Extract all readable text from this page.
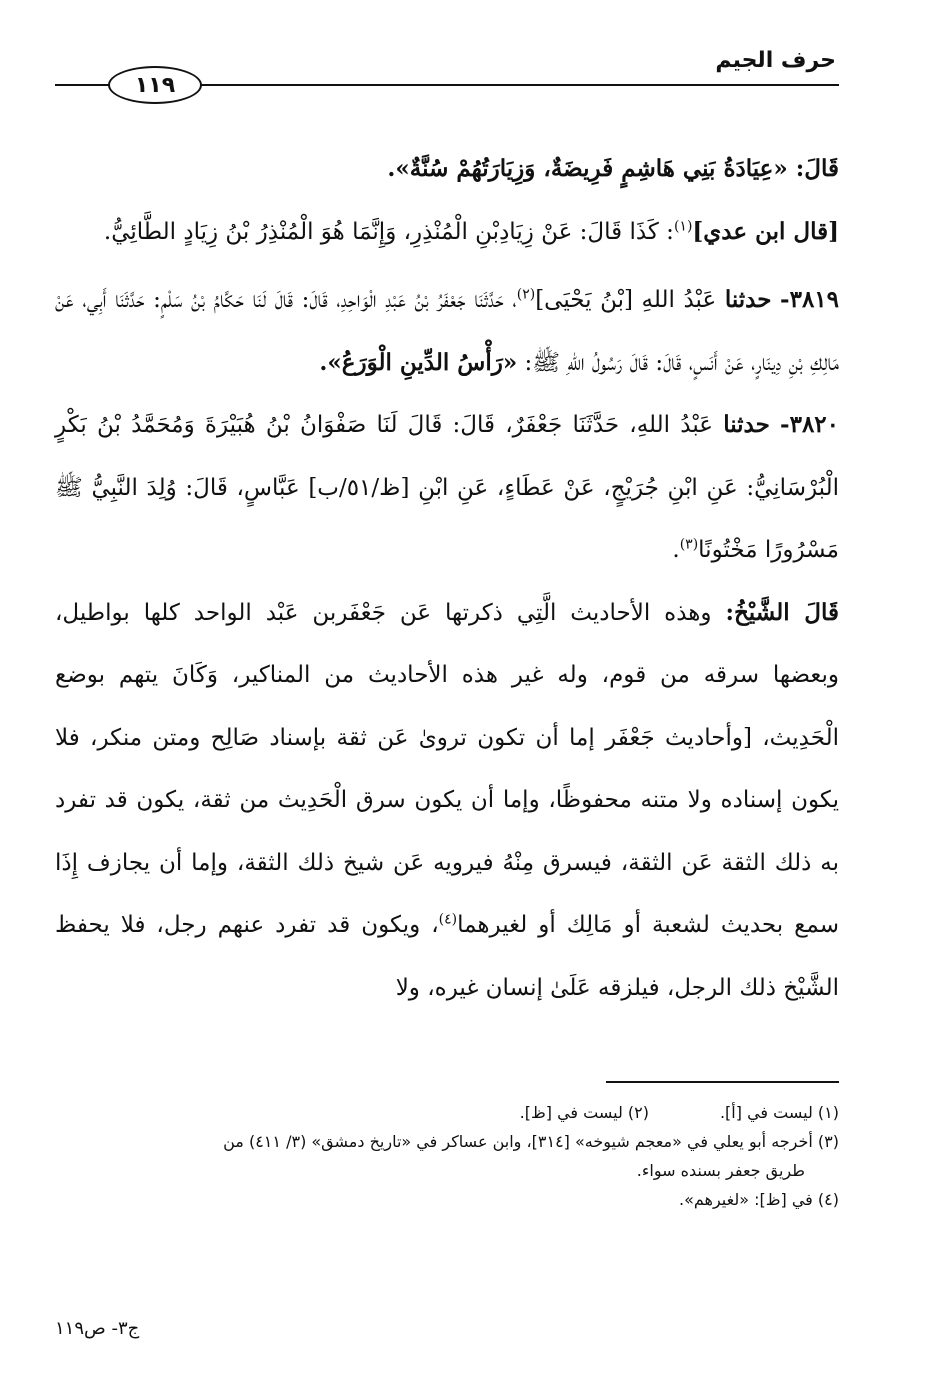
حرف الجيم
١١٩

قَالَ: «عِيَادَةُ بَنِي هَاشِمٍ فَرِيضَةٌ، وَزِيَارَتُهُمْ سُنَّةٌ».

[قال ابن عدي]$^{(١)}$: كَذَا قَالَ: عَنْ زِيَادِبْنِ الْمُنْذِرِ، وَإِنَّمَا هُوَ الْمُنْذِرُ بْنُ زِيَادٍ الطَّائِيُّ.

٣٨١٩- حدثنا عَبْدُ اللهِ [بْنُ يَحْيَى]$^{(٢)}$، حَدَّثَنَا جَعْفَرُ بْنُ عَبْدِ الْوَاحِدِ، قَالَ: قَالَ لَنَا حَكَّامُ بْنُ سَلْمٍ: حَدَّثَنَا أَبِي، عَنْ مَالِكِ بْنِ دِينَارٍ، عَنْ أَنَسٍ، قَالَ: قَالَ رَسُولُ اللهِ ﷺ: «رَأْسُ الدِّينِ الْوَرَعُ».

٣٨٢٠- حدثنا عَبْدُ اللهِ، حَدَّثَنَا جَعْفَرٌ، قَالَ: قَالَ لَنَا صَفْوَانُ بْنُ هُبَيْرَةَ وَمُحَمَّدُ بْنُ بَكْرٍ الْبُرْسَانِيُّ: عَنِ ابْنِ جُرَيْجٍ، عَنْ عَطَاءٍ، عَنِ ابْنِ [ظ/٥١/ب] عَبَّاسٍ، قَالَ: وُلِدَ النَّبِيُّ ﷺ مَسْرُورًا مَخْتُونًا$^{(٣)}$.

قَالَ الشَّيْخُ: وهذه الأحاديث الَّتِي ذكرتها عَن جَعْفَربن عَبْد الواحد كلها بواطيل، وبعضها سرقه من قوم، وله غير هذه الأحاديث من المناكير، وَكَانَ يتهم بوضع الْحَدِيث، [وأحاديث جَعْفَر إما أن تكون تروىٰ عَن ثقة بإسناد صَالِح ومتن منكر، فلا يكون إسناده ولا متنه محفوظًا، وإما أن يكون سرق الْحَدِيث من ثقة، يكون قد تفرد به ذلك الثقة عَن الثقة، فيسرق مِنْهُ فيرويه عَن شيخ ذلك الثقة، وإما أن يجازف إِذَا سمع بحديث لشعبة أو مَالِك أو لغيرهما$^{(٤)}$، ويكون قد تفرد عنهم رجل، فلا يحفظ الشَّيْخ ذلك الرجل، فيلزقه عَلَىٰ إنسان غيره، ولا

(١) ليست في [أ].
(٢) ليست في [ظ].
(٣) أخرجه أبو يعلي في «معجم شيوخه» [٣١٤]، وابن عساكر في «تاريخ دمشق» (٣/ ٤١١) من
طريق جعفر بسنده سواء.
(٤) في [ظ]: «لغيرهم».
ج٣- ص١١٩
